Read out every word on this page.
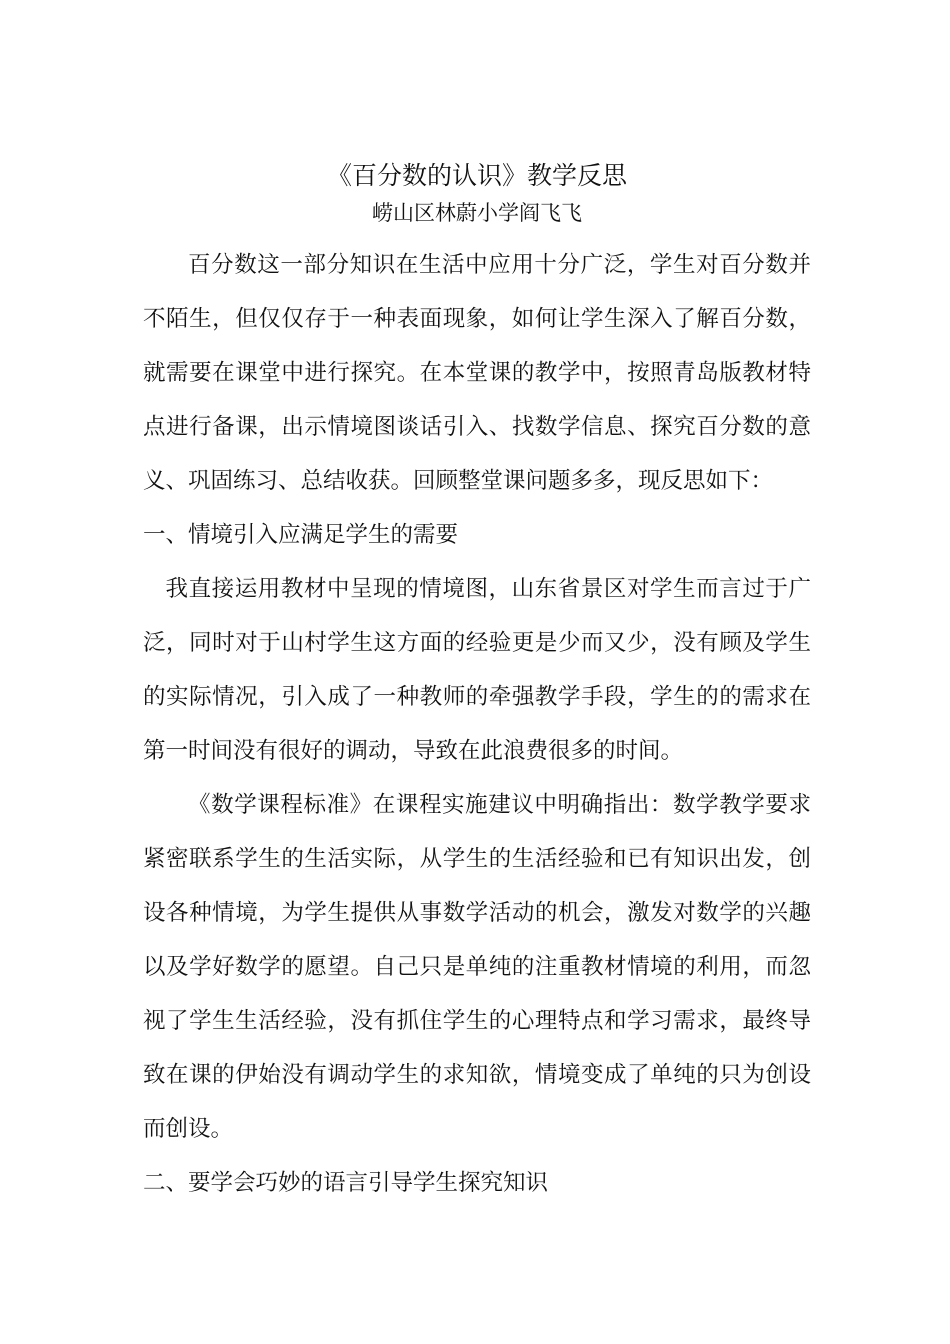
《百分数的认识》教学反思
崂山区林蔚小学阎飞飞

百分数这一部分知识在生活中应用十分广泛，学生对百分数并不陌生，但仅仅存于一种表面现象，如何让学生深入了解百分数，就需要在课堂中进行探究。在本堂课的教学中，按照青岛版教材特点进行备课，出示情境图谈话引入、找数学信息、探究百分数的意义、巩固练习、总结收获。回顾整堂课问题多多，现反思如下：

一、情境引入应满足学生的需要

我直接运用教材中呈现的情境图，山东省景区对学生而言过于广泛，同时对于山村学生这方面的经验更是少而又少，没有顾及学生的实际情况，引入成了一种教师的牵强教学手段，学生的的需求在第一时间没有很好的调动，导致在此浪费很多的时间。

《数学课程标准》在课程实施建议中明确指出：数学教学要求紧密联系学生的生活实际，从学生的生活经验和已有知识出发，创设各种情境，为学生提供从事数学活动的机会，激发对数学的兴趣以及学好数学的愿望。自己只是单纯的注重教材情境的利用，而忽视了学生生活经验，没有抓住学生的心理特点和学习需求，最终导致在课的伊始没有调动学生的求知欲，情境变成了单纯的只为创设而创设。

二、要学会巧妙的语言引导学生探究知识
